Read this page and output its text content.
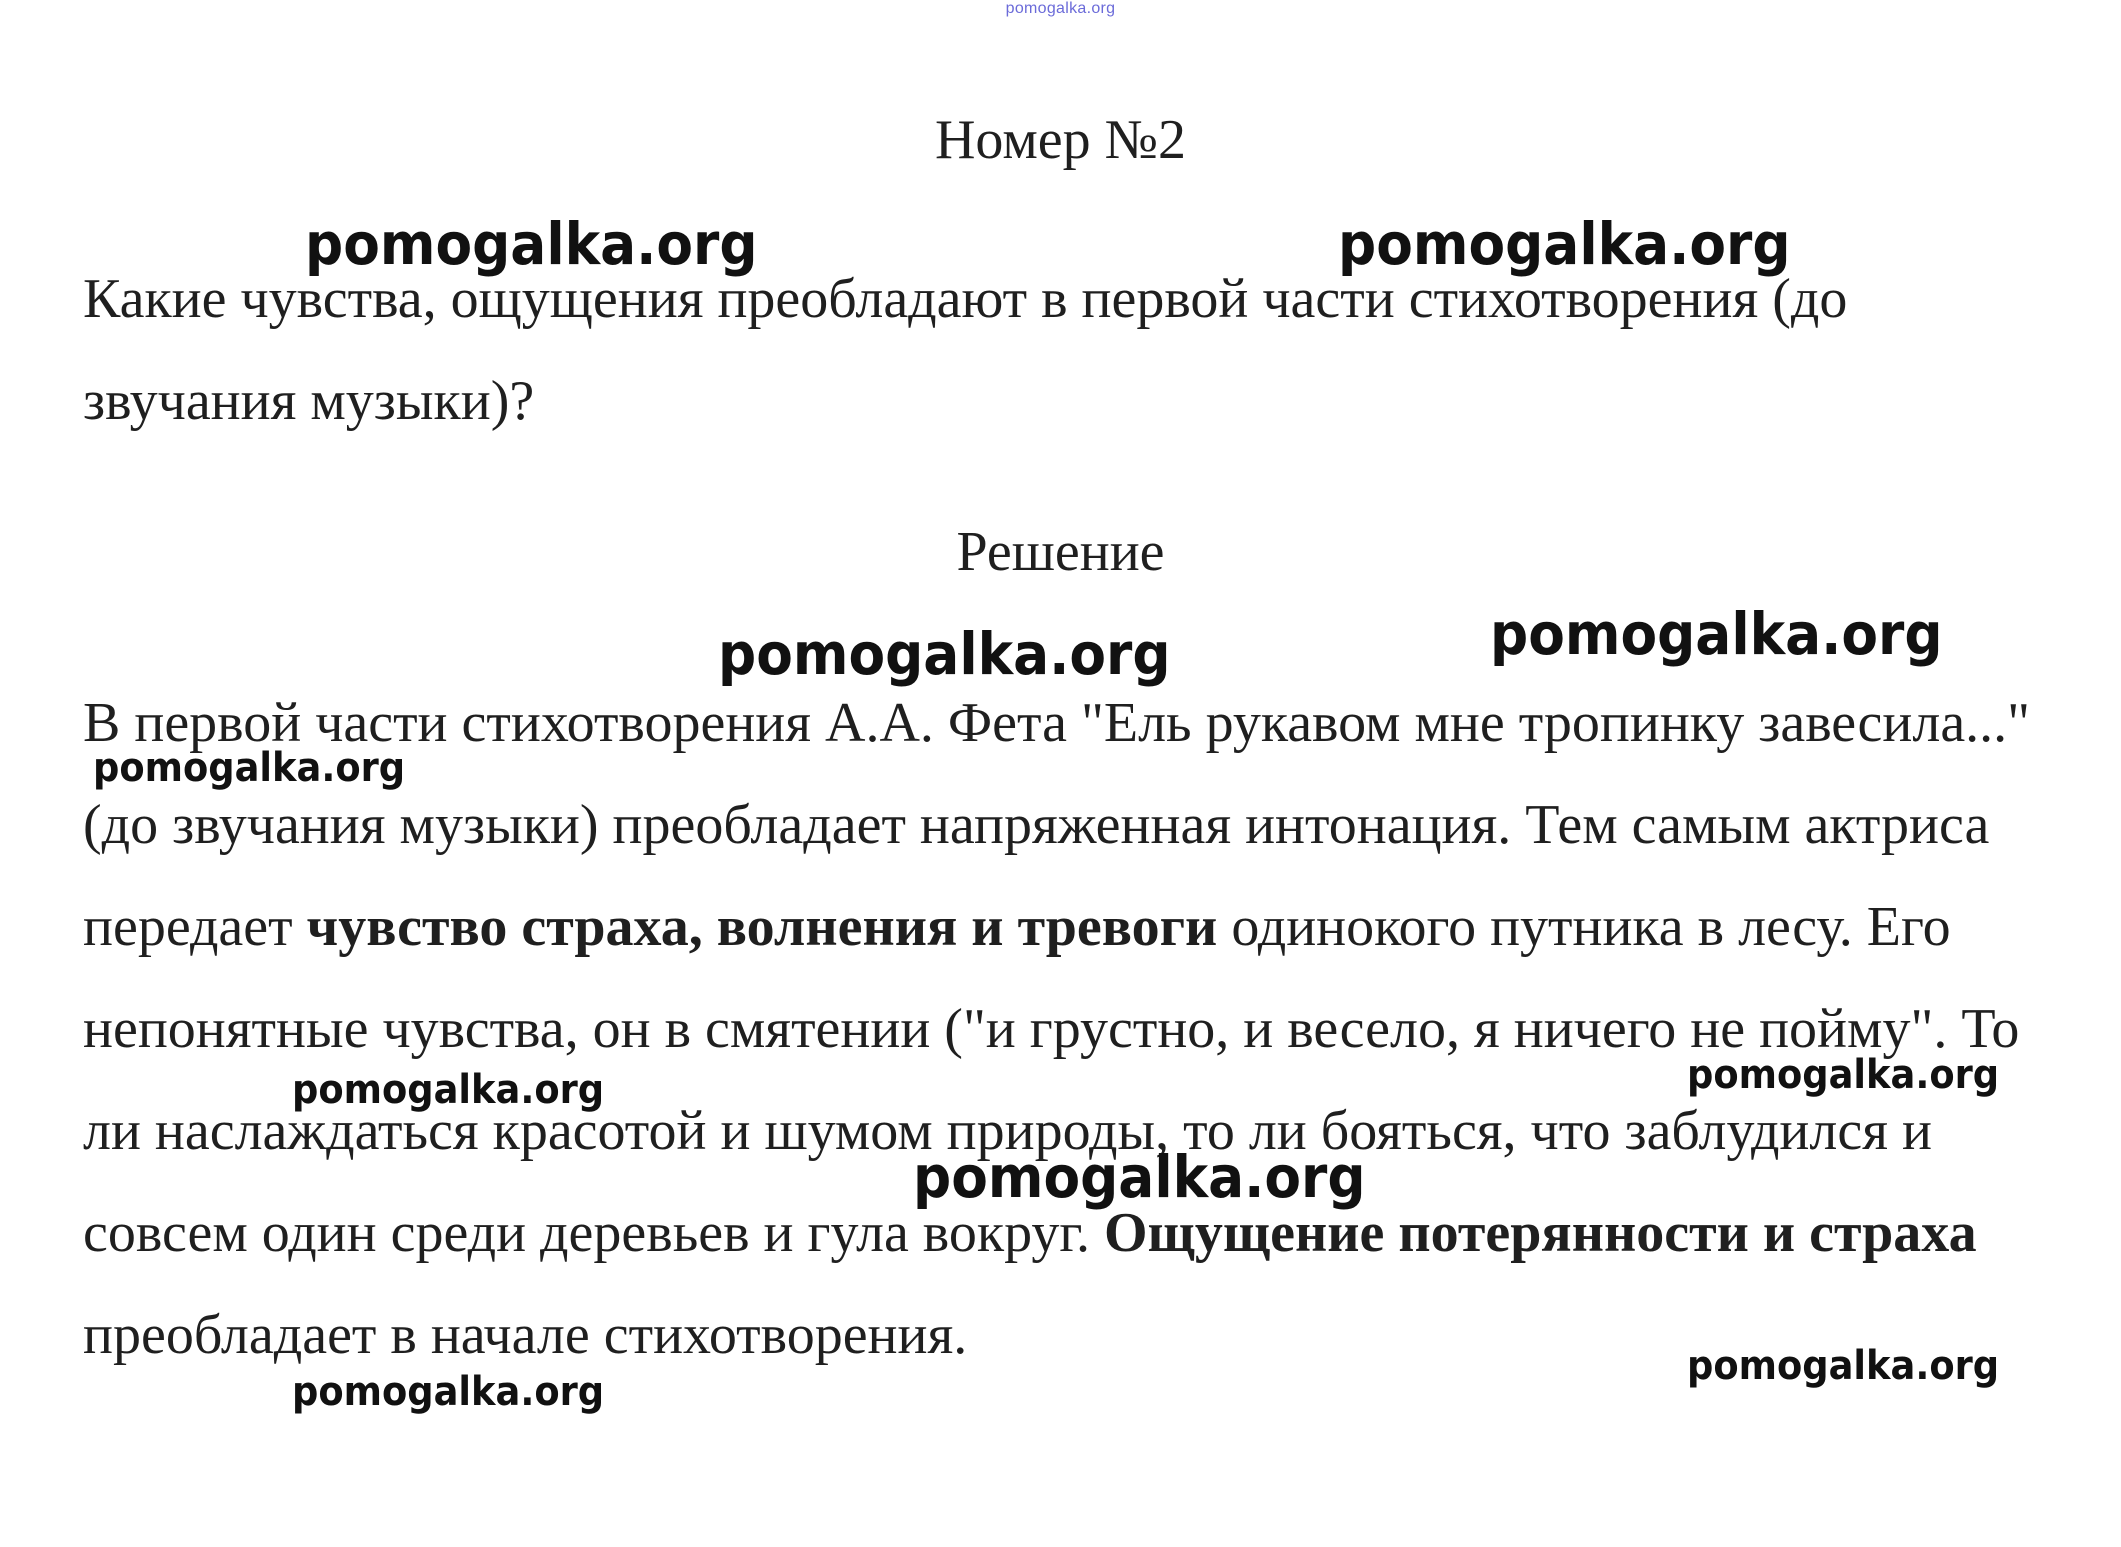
pomogalka.org
Номер №2

Какие чувства, ощущения преобладают в первой части стихотворения (до звучания музыки)?

Решение

В первой части стихотворения А.А. Фета "Ель рукавом мне тропинку завесила..." (до звучания музыки) преобладает напряженная интонация. Тем самым актриса передает чувство страха, волнения и тревоги одинокого путника в лесу. Его непонятные чувства, он в смятении ("и грустно, и весело, я ничего не пойму". То ли наслаждаться красотой и шумом природы, то ли бояться, что заблудился и совсем один среди деревьев и гула вокруг. Ощущение потерянности и страха преобладает в начале стихотворения.

pomogalka.org	pomogalka.org
pomogalka.org
pomogalka.org
pomogalka.org
pomogalka.org
pomogalka.org
pomogalka.org
pomogalka.org
pomogalka.org
